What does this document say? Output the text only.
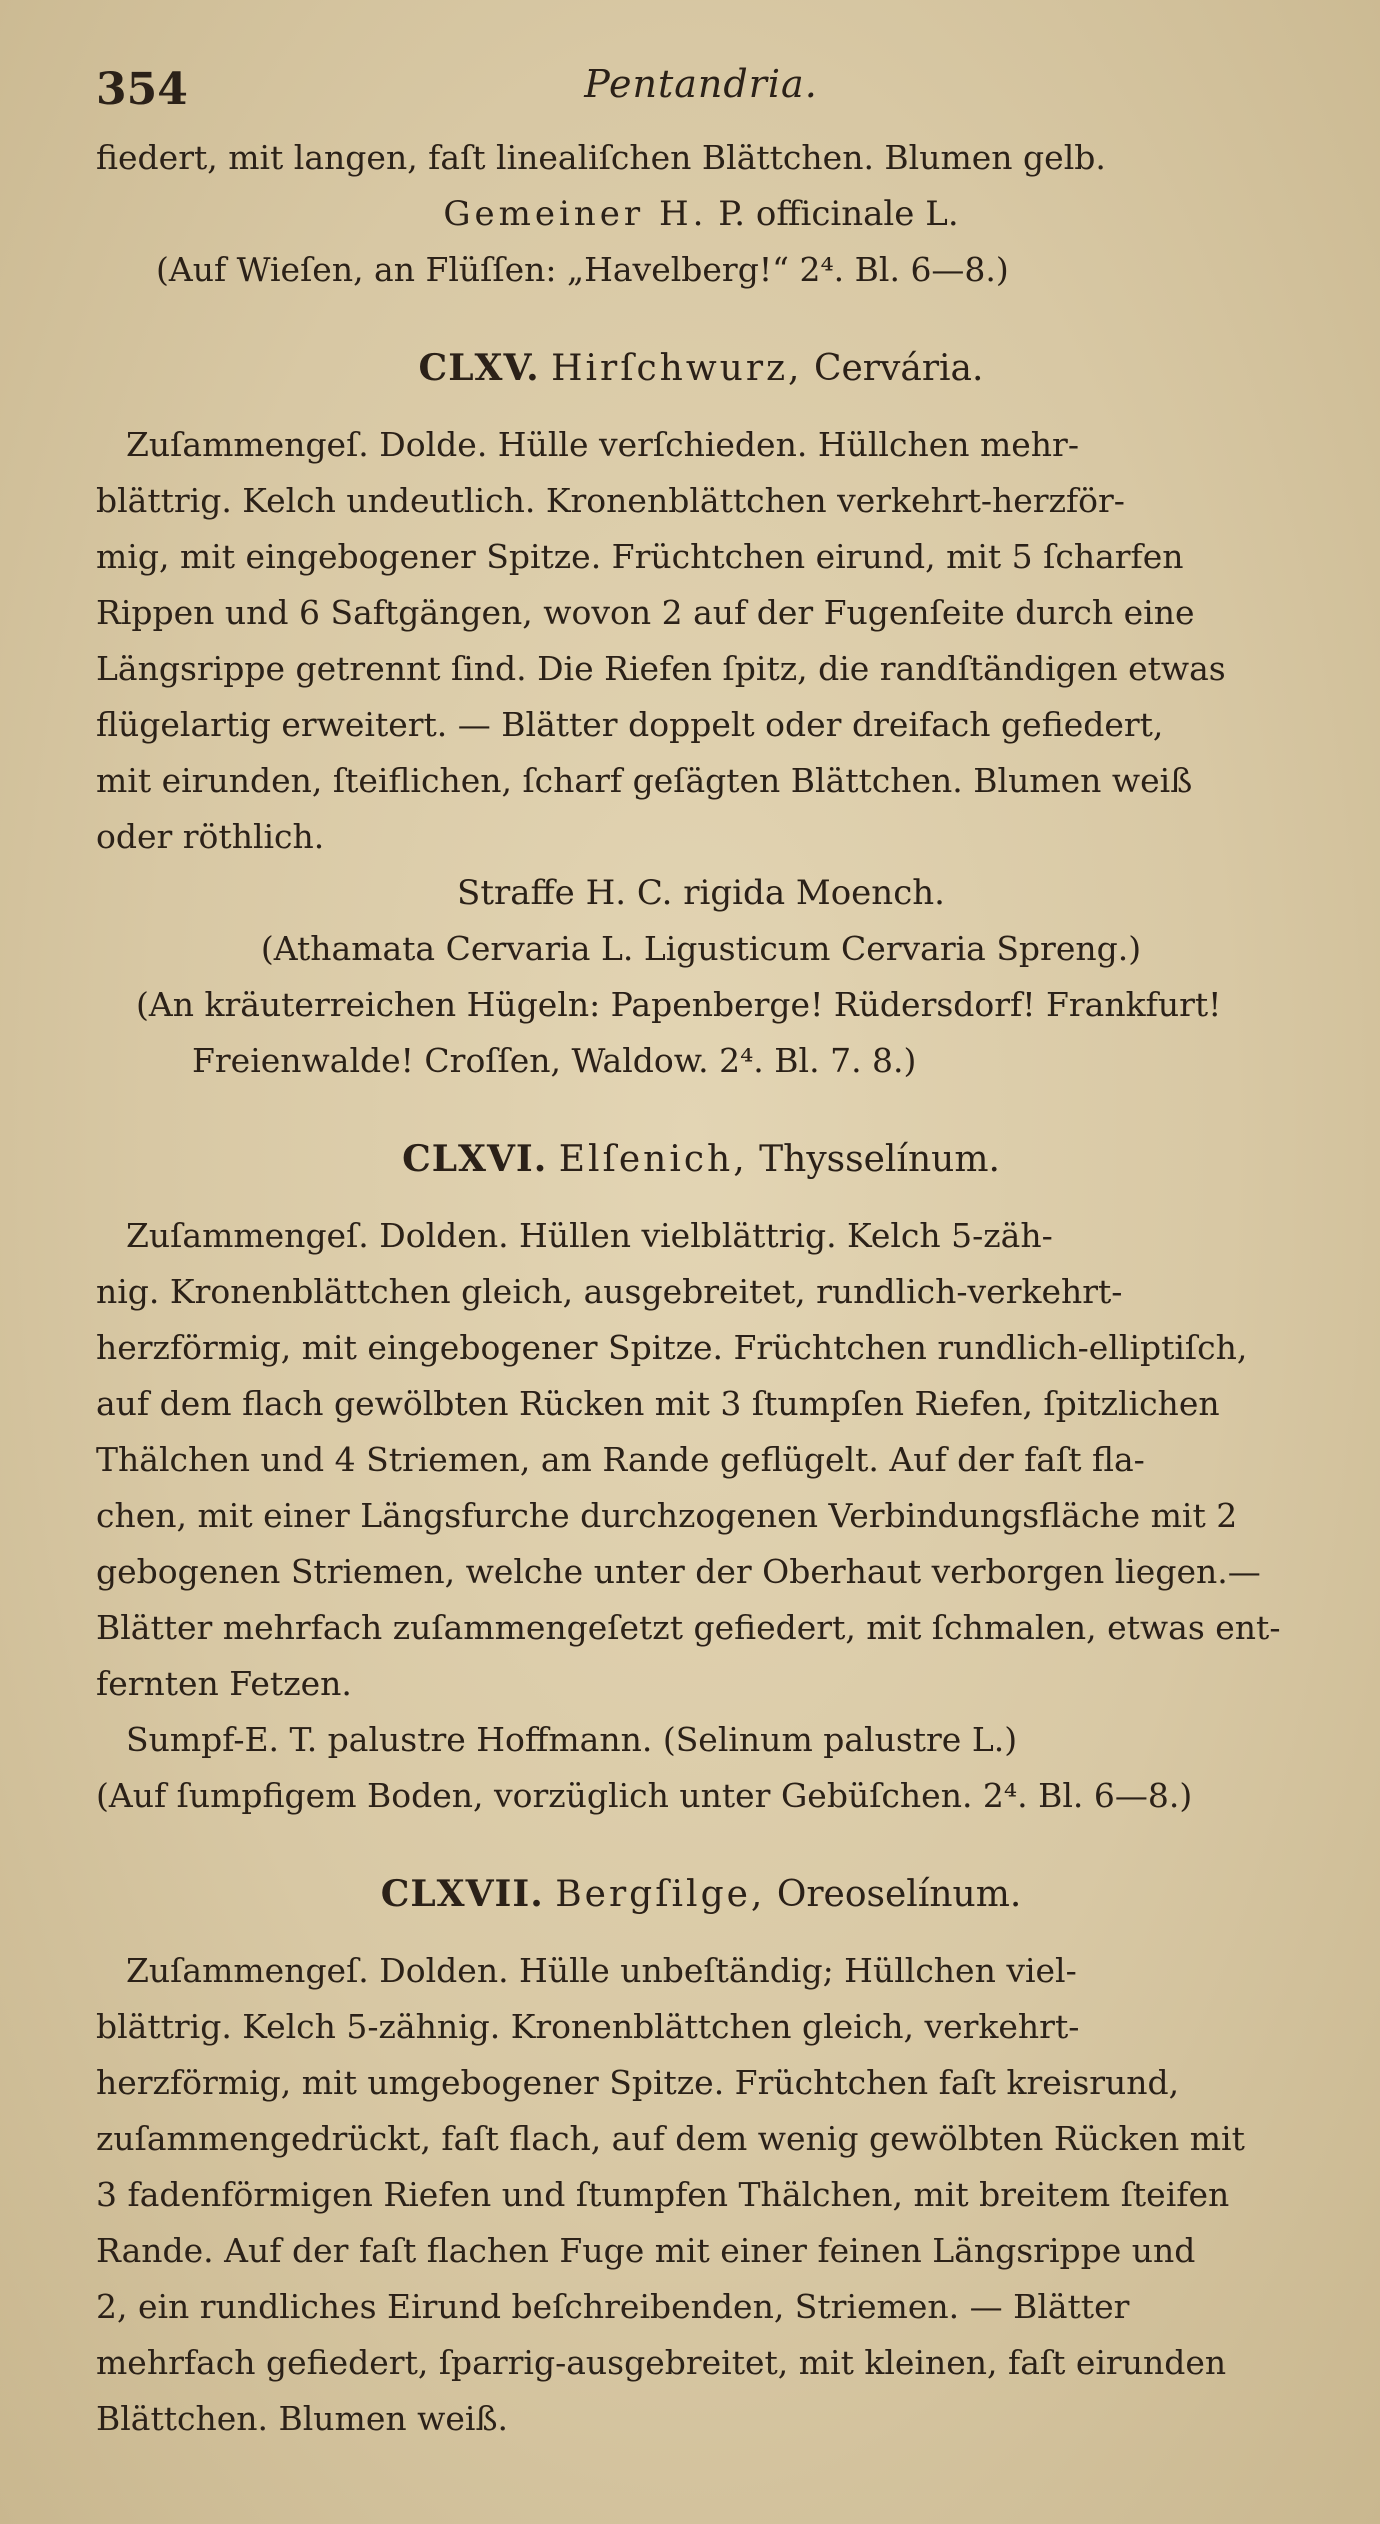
354	Pentandria.
fiedert, mit langen, faſt linealiſchen Blättchen. Blumen gelb.
Gemeiner H. P. officinale L.
(Auf Wieſen, an Flüſſen: „Havelberg!“ 2⁴. Bl. 6—8.)
CLXV. Hirſchwurz, Cervária.
Zuſammengeſ. Dolde. Hülle verſchieden. Hüllchen mehr-
blättrig. Kelch undeutlich. Kronenblättchen verkehrt-herzför-
mig, mit eingebogener Spitze. Früchtchen eirund, mit 5 ſcharfen
Rippen und 6 Saftgängen, wovon 2 auf der Fugenſeite durch eine
Längsrippe getrennt ſind. Die Riefen ſpitz, die randſtändigen etwas
flügelartig erweitert. — Blätter doppelt oder dreifach gefiedert,
mit eirunden, ſteiflichen, ſcharf geſägten Blättchen. Blumen weiß
oder röthlich.
Straffe H. C. rigida Moench.
(Athamata Cervaria L. Ligusticum Cervaria Spreng.)
(An kräuterreichen Hügeln: Papenberge! Rüdersdorf! Frankfurt!
Freienwalde! Croſſen, Waldow. 2⁴. Bl. 7. 8.)
CLXVI. Elſenich, Thysselínum.
Zuſammengeſ. Dolden. Hüllen vielblättrig. Kelch 5-zäh-
nig. Kronenblättchen gleich, ausgebreitet, rundlich-verkehrt-
herzförmig, mit eingebogener Spitze. Früchtchen rundlich-elliptiſch,
auf dem flach gewölbten Rücken mit 3 ſtumpſen Riefen, ſpitzlichen
Thälchen und 4 Striemen, am Rande geflügelt. Auf der faſt fla-
chen, mit einer Längsfurche durchzogenen Verbindungsfläche mit 2
gebogenen Striemen, welche unter der Oberhaut verborgen liegen.—
Blätter mehrfach zuſammengeſetzt gefiedert, mit ſchmalen, etwas ent-
fernten Fetzen.
Sumpf-E. T. palustre Hoffmann. (Selinum palustre L.)
(Auf ſumpfigem Boden, vorzüglich unter Gebüſchen. 2⁴. Bl. 6—8.)
CLXVII. Bergſilge, Oreoselínum.
Zuſammengeſ. Dolden. Hülle unbeſtändig; Hüllchen viel-
blättrig. Kelch 5-zähnig. Kronenblättchen gleich, verkehrt-
herzförmig, mit umgebogener Spitze. Früchtchen faſt kreisrund,
zuſammengedrückt, faſt flach, auf dem wenig gewölbten Rücken mit
3 fadenförmigen Riefen und ſtumpfen Thälchen, mit breitem ſteifen
Rande. Auf der faſt flachen Fuge mit einer feinen Längsrippe und
2, ein rundliches Eirund beſchreibenden, Striemen. — Blätter
mehrfach gefiedert, ſparrig-ausgebreitet, mit kleinen, faſt eirunden
Blättchen. Blumen weiß.
